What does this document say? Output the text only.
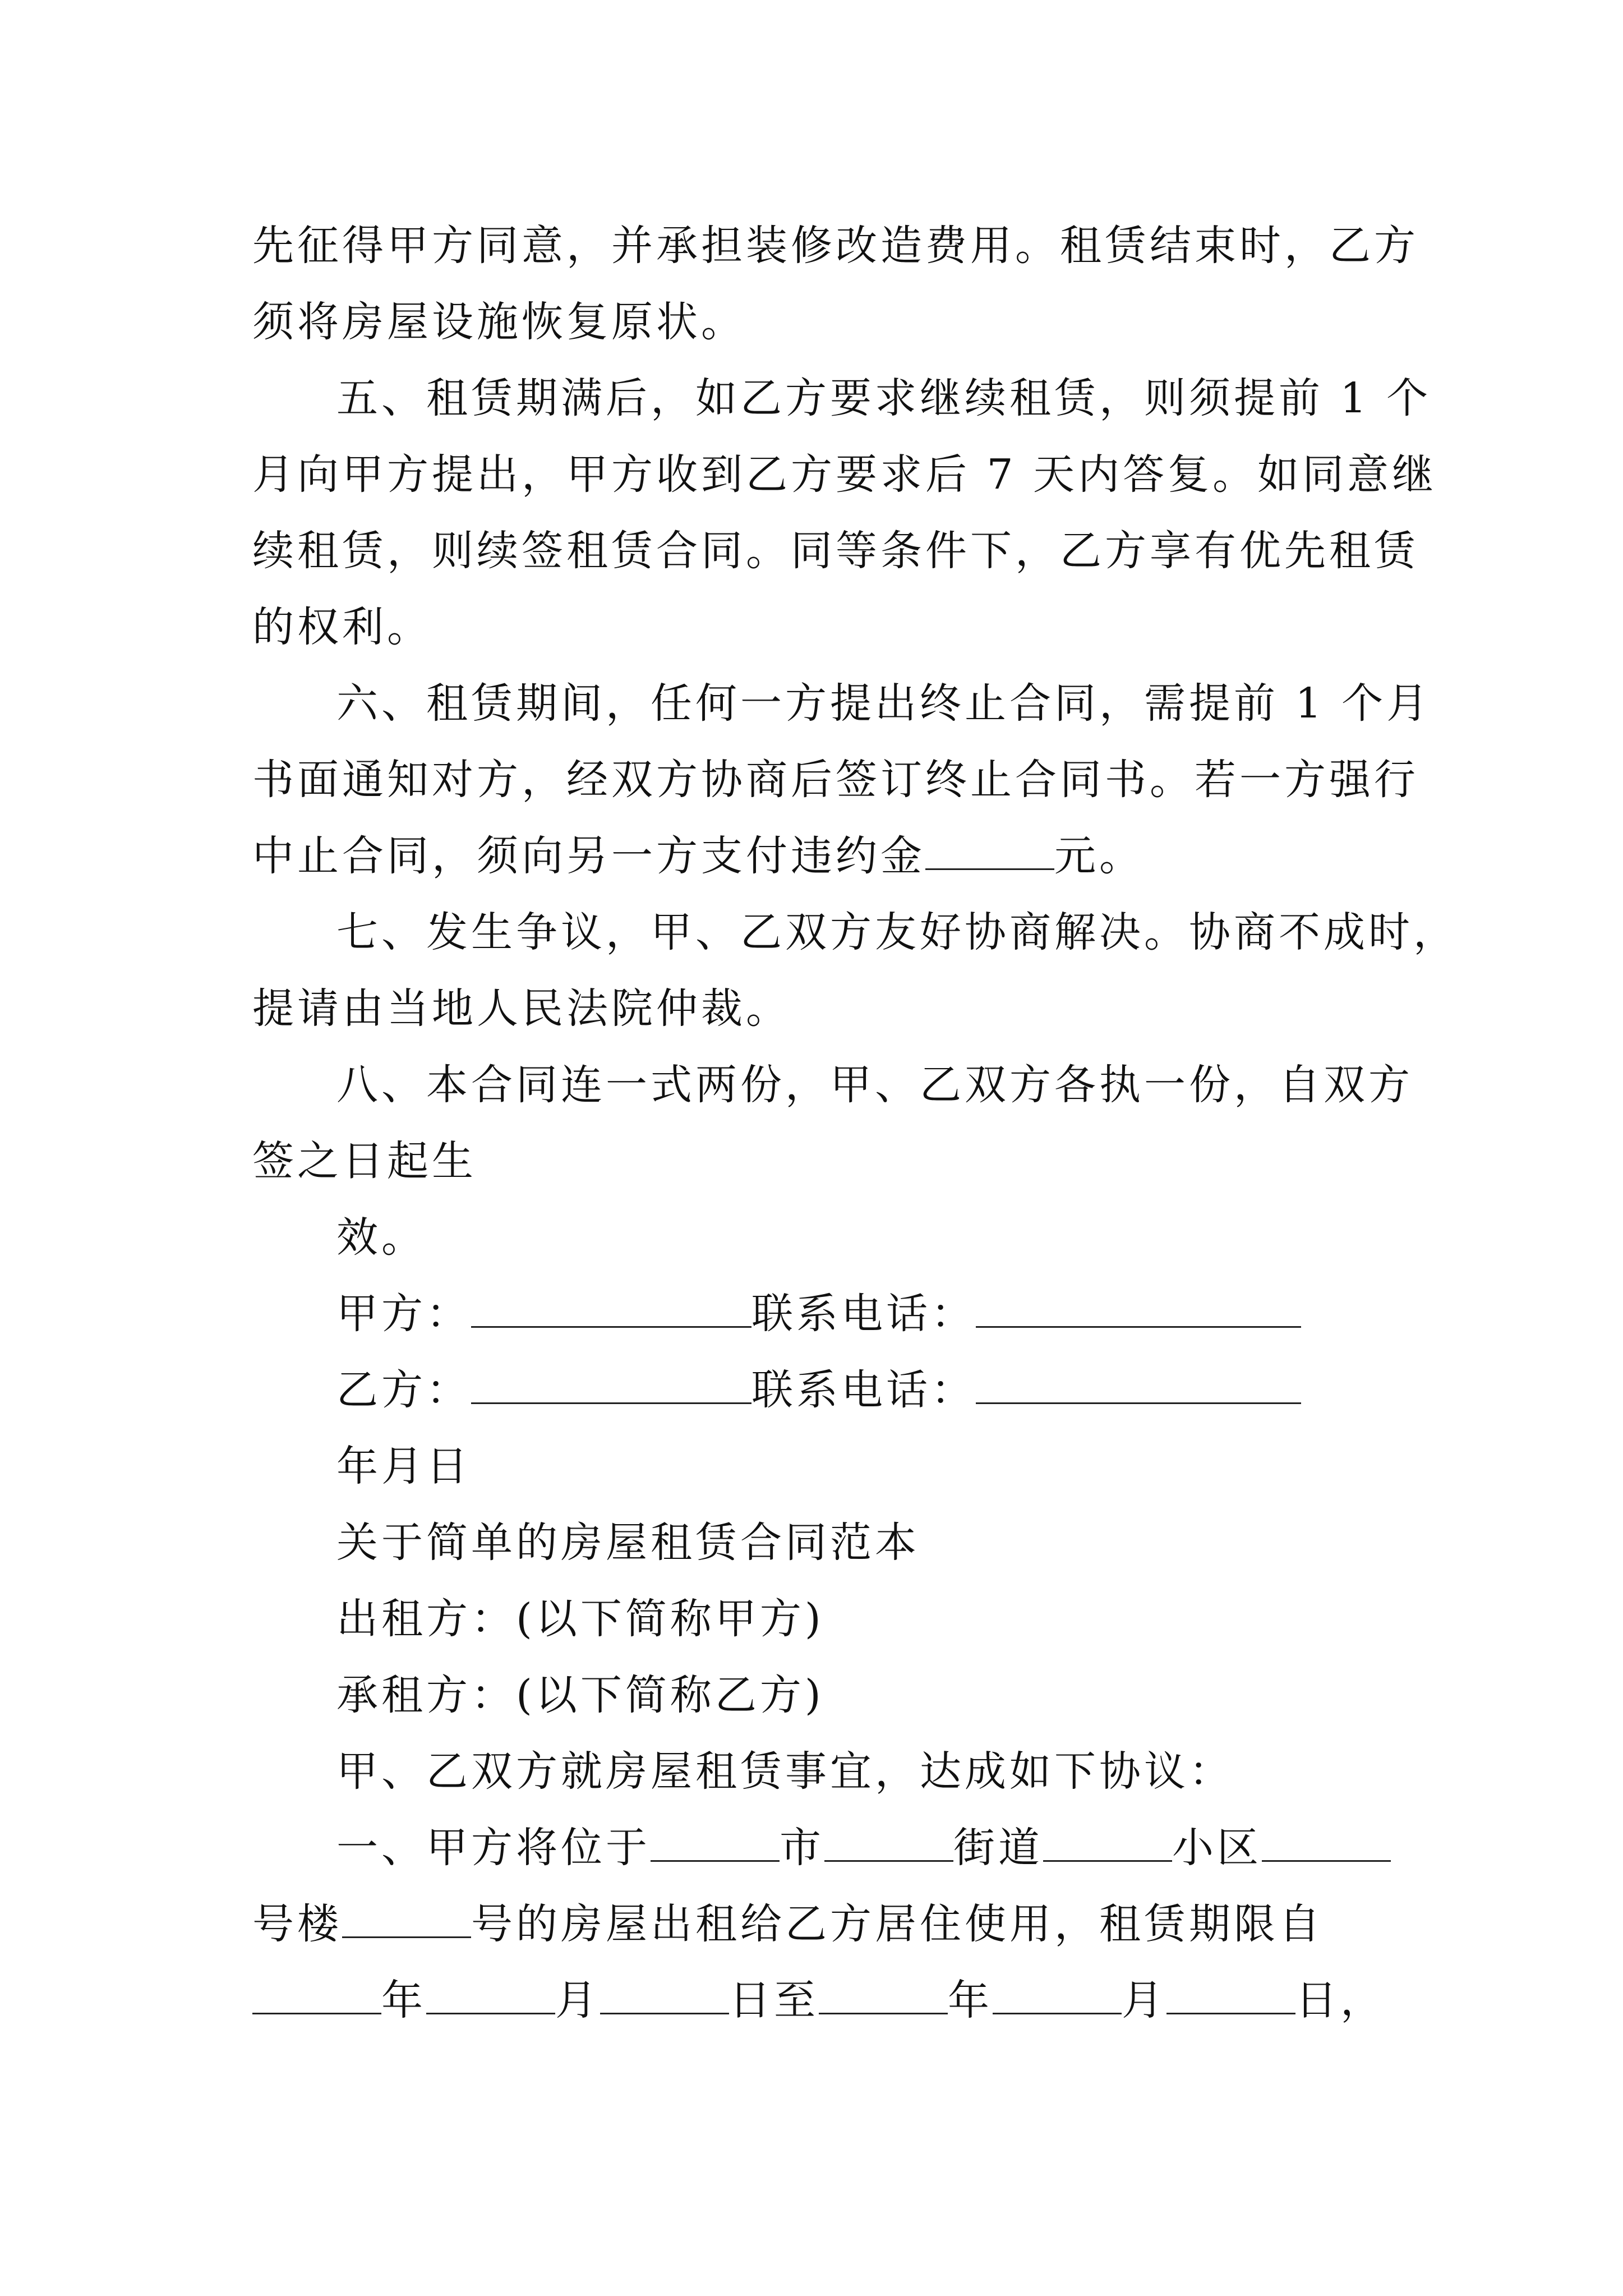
先征得甲方同意，并承担装修改造费用。租赁结束时，乙方
须将房屋设施恢复原状。
五、租赁期满后，如乙方要求继续租赁，则须提前 1 个
月向甲方提出，甲方收到乙方要求后 7 天内答复。如同意继
续租赁，则续签租赁合同。同等条件下，乙方享有优先租赁
的权利。
六、租赁期间，任何一方提出终止合同，需提前 1 个月
书面通知对方，经双方协商后签订终止合同书。若一方强行
中止合同，须向另一方支付违约金	元。
七、发生争议，甲、乙双方友好协商解决。协商不成时，
提请由当地人民法院仲裁。
八、本合同连一式两份，甲、乙双方各执一份，自双方
签之日起生
效。
甲方：	联系电话：
乙方：	联系电话：
年月日
关于简单的房屋租赁合同范本
出租方：(以下简称甲方)
承租方：(以下简称乙方)
甲、乙双方就房屋租赁事宜，达成如下协议：
一、甲方将位于	市	街道	小区
号楼	号的房屋出租给乙方居住使用，租赁期限自
年	月	日至	年	月	日，
